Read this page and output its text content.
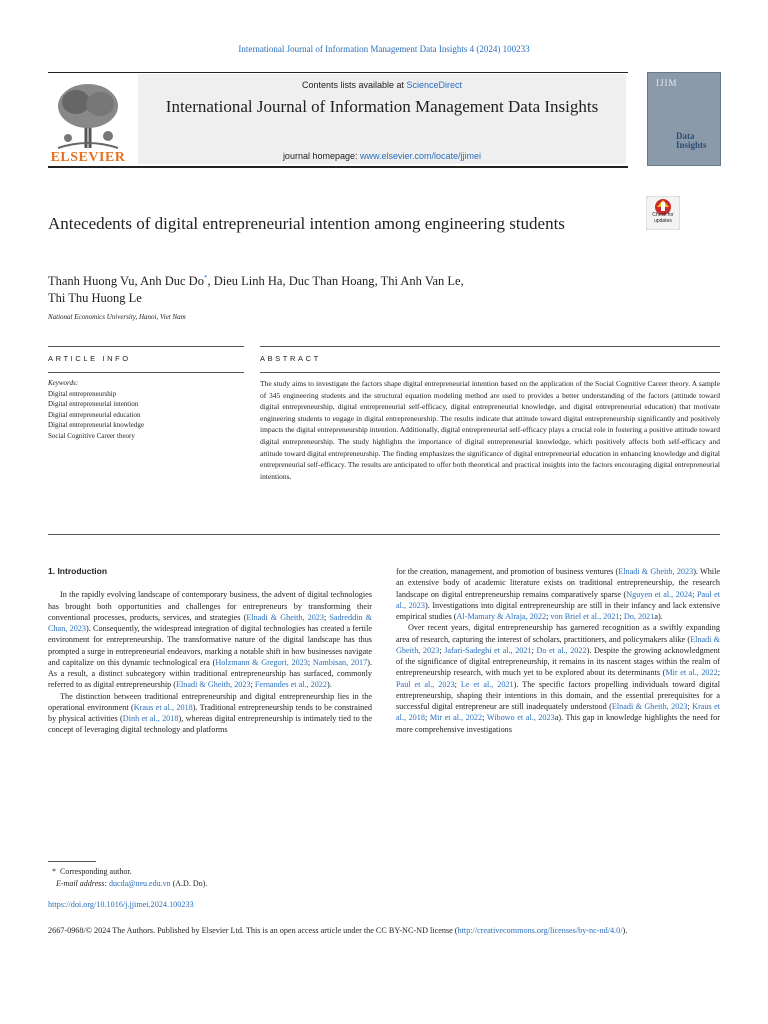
International Journal of Information Management Data Insights 4 (2024) 100233
ELSEVIER
Contents lists available at ScienceDirect
International Journal of Information Management Data Insights
journal homepage: www.elsevier.com/locate/jjimei
IJIM
Data
Insights
Antecedents of digital entrepreneurial intention among engineering students	Check for
updates
Thanh Huong Vu, Anh Duc Do*, Dieu Linh Ha, Duc Than Hoang, Thi Anh Van Le,
Thi Thu Huong Le
National Economics University, Hanoi, Viet Nam
ARTICLE INFO	ABSTRACT
Keywords:
Digital entrepreneurship
Digital entrepreneurial intention
Digital entrepreneurial education
Digital entrepreneurial knowledge
Social Cognitive Career theory
The study aims to investigate the factors shape digital entrepreneurial intention based on the application of the Social Cognitive Career theory. A sample of 345 engineering students and the structural equation modeling method are used to provides a better understanding of the factors (attitude toward digital entrepreneurship, digital entrepreneurial self-efficacy, digital entrepreneurial knowledge, and digital entrepreneurial education) that motivate engineering students to engage in digital entrepreneurship. The results indicate that attitude toward digital entrepreneurship significantly and positively impacts the digital entrepreneurship intention. Additionally, digital entrepreneurial self-efficacy plays a crucial role in fostering a positive attitude toward digital entrepreneurship. The study highlights the importance of digital entrepreneurial knowledge, which positively affects both self-efficacy and attitude toward digital entrepreneurship. The finding emphasizes the significance of digital entrepreneurial education in enhancing knowledge and digital entrepreneurial self-efficacy. The results are anticipated to offer both theoretical and practical insights into the factors encouraging digital entrepreneurial intentions.
1. Introduction

In the rapidly evolving landscape of contemporary business, the advent of digital technologies has brought both opportunities and challenges for entrepreneurs by transforming their conventional processes, products, services, and strategies (Elnadi & Gheith, 2023; Sadreddin & Chan, 2023). Consequently, the widespread integration of digital technologies has created a fertile environment for entrepreneurship. The transformative nature of the digital landscape has thus prompted a surge in entrepreneurial endeavors, marking a notable shift in how businesses navigate and capitalize on this dynamic technological era (Holzmann & Gregori, 2023; Nambisan, 2017). As a result, a distinct subcategory within traditional entrepreneurship has surfaced, commonly referred to as digital entrepreneurship (Elnadi & Gheith, 2023; Fernandes et al., 2022).

The distinction between traditional entrepreneurship and digital entrepreneurship lies in the operational environment (Kraus et al., 2018). Traditional entrepreneurship tends to be constrained by physical activities (Dinh et al., 2018), whereas digital entrepreneurship is intimately tied to the concept of leveraging digital technology and platforms

for the creation, management, and promotion of business ventures (Elnadi & Gheith, 2023). While an extensive body of academic literature exists on traditional entrepreneurship, the research landscape on digital entrepreneurship remains comparatively sparse (Nguyen et al., 2024; Paul et al., 2023). Investigations into digital entrepreneurship are still in their infancy and lack extensive empirical studies (Al-Mamary & Alraja, 2022; von Briel et al., 2021; Do, 2021a).

Over recent years, digital entrepreneurship has garnered recognition as a swiftly expanding area of research, capturing the interest of scholars, practitioners, and policymakers alike (Elnadi & Gheith, 2023; Jafari-Sadeghi et al., 2021; Do et al., 2022). Despite the growing acknowledgment of the significance of digital entrepreneurship, it remains in its nascent stages within the realm of entrepreneurship research, with much yet to be explored about its determinants (Mir et al., 2022; Paul et al., 2023; Le et al., 2021). The specific factors propelling individuals toward digital entrepreneurship, shaping their intentions in this domain, and the essential prerequisites for a successful digital entrepreneur are still inadequately understood (Elnadi & Gheith, 2023; Kraus et al., 2018; Mir et al., 2022; Wibowo et al., 2023a). This gap in knowledge highlights the need for more comprehensive investigations

* Corresponding author.
E-mail address: ducda@neu.edu.vn (A.D. Do).
https://doi.org/10.1016/j.jjimei.2024.100233
2667-0968/© 2024 The Authors. Published by Elsevier Ltd. This is an open access article under the CC BY-NC-ND license (http://creativecommons.org/licenses/by-nc-nd/4.0/).
